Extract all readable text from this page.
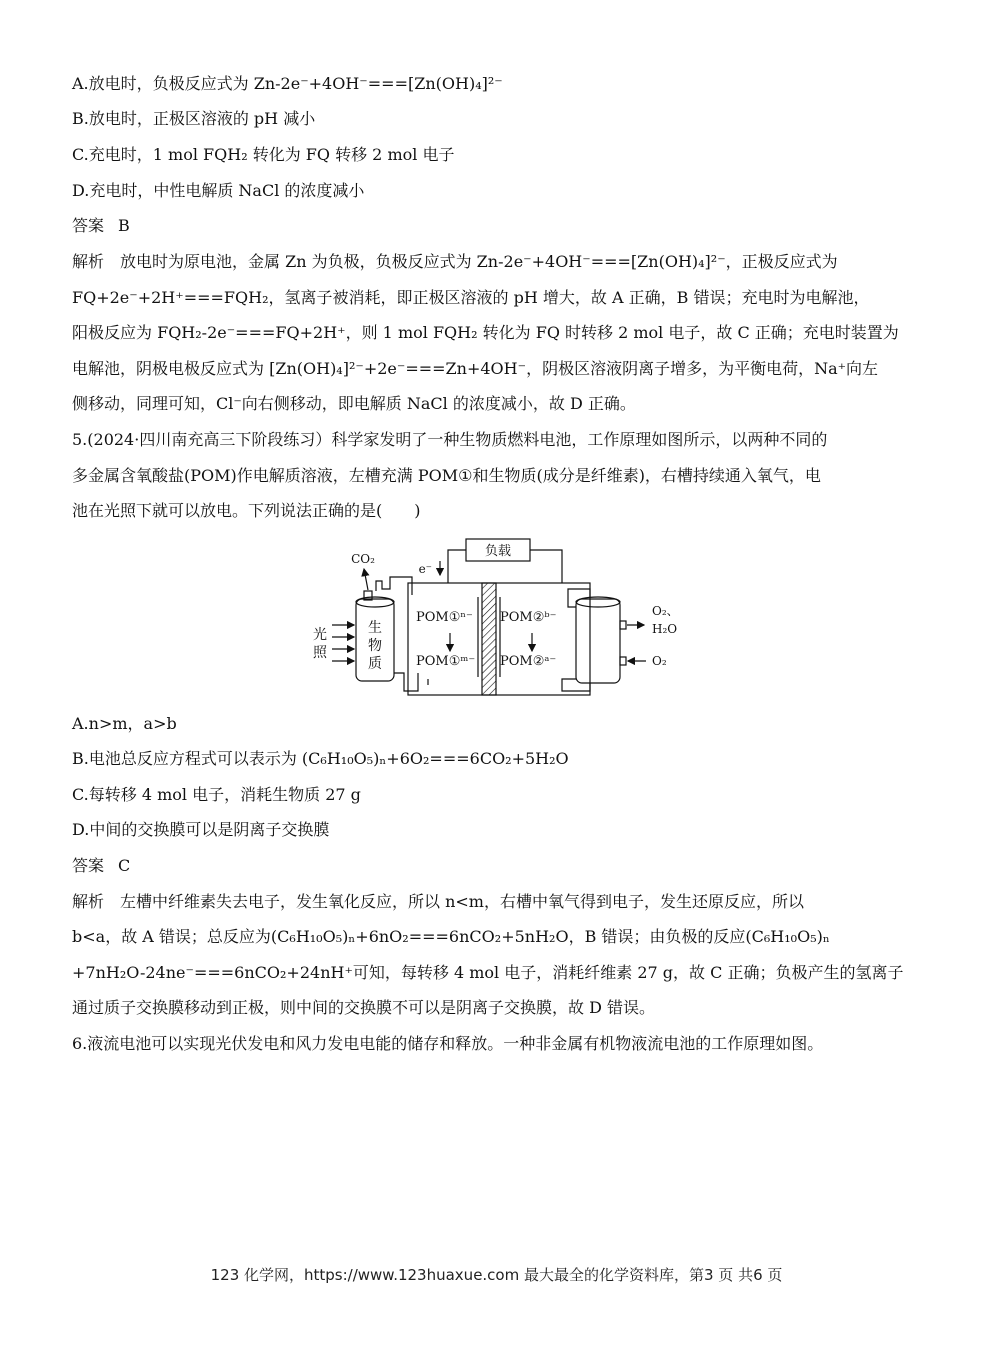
A.放电时，负极反应式为 Zn-2e⁻+4OH⁻===[Zn(OH)₄]²⁻
B.放电时，正极区溶液的 pH 减小
C.充电时，1 mol FQH₂ 转化为 FQ 转移 2 mol 电子
D.充电时，中性电解质 NaCl 的浓度减小
答案 B
解析　放电时为原电池，金属 Zn 为负极，负极反应式为 Zn-2e⁻+4OH⁻===[Zn(OH)₄]²⁻，正极反应式为
FQ+2e⁻+2H⁺===FQH₂，氢离子被消耗，即正极区溶液的 pH 增大，故 A 正确，B 错误；充电时为电解池，
阳极反应为 FQH₂-2e⁻===FQ+2H⁺，则 1 mol FQH₂ 转化为 FQ 时转移 2 mol 电子，故 C 正确；充电时装置为
电解池，阴极电极反应式为 [Zn(OH)₄]²⁻+2e⁻===Zn+4OH⁻，阴极区溶液阴离子增多，为平衡电荷，Na⁺向左
侧移动，同理可知，Cl⁻向右侧移动，即电解质 NaCl 的浓度减小，故 D 正确。
5.(2024·四川南充高三下阶段练习）科学家发明了一种生物质燃料电池，工作原理如图所示，以两种不同的
多金属含氧酸盐(POM)作电解质溶液，左槽充满 POM①和生物质(成分是纤维素)，右槽持续通入氧气，电
池在光照下就可以放电。下列说法正确的是(　　)
负载
e⁻
CO₂
生
物
质
光
照
POM①ⁿ⁻
POM①ᵐ⁻
POM②ᵇ⁻
POM②ᵃ⁻
O₂、
H₂O
O₂
A.n>m，a>b
B.电池总反应方程式可以表示为 (C₆H₁₀O₅)ₙ+6O₂===6CO₂+5H₂O
C.每转移 4 mol 电子，消耗生物质 27 g
D.中间的交换膜可以是阴离子交换膜
答案 C
解析　左槽中纤维素失去电子，发生氧化反应，所以 n<m，右槽中氧气得到电子，发生还原反应，所以
b<a，故 A 错误；总反应为(C₆H₁₀O₅)ₙ+6nO₂===6nCO₂+5nH₂O，B 错误；由负极的反应(C₆H₁₀O₅)ₙ
+7nH₂O-24ne⁻===6nCO₂+24nH⁺可知，每转移 4 mol 电子，消耗纤维素 27 g，故 C 正确；负极产生的氢离子
通过质子交换膜移动到正极，则中间的交换膜不可以是阴离子交换膜，故 D 错误。
6.液流电池可以实现光伏发电和风力发电电能的储存和释放。一种非金属有机物液流电池的工作原理如图。
123 化学网，https://www.123huaxue.com 最大最全的化学资料库，第3 页 共6 页
